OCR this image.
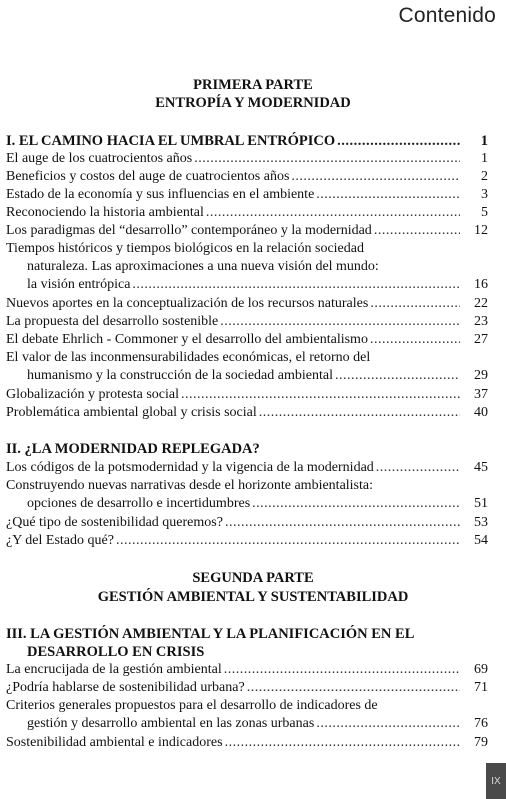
Contenido
PRIMERA PARTE
ENTROPÍA Y MODERNIDAD
I. EL CAMINO HACIA EL UMBRAL ENTRÓPICO .....	1
El auge de los cuatrocientos años .....	1
Beneficios y costos del auge de cuatrocientos años .....	2
Estado de la economía y sus influencias en el ambiente .....	3
Reconociendo la historia ambiental .....	5
Los paradigmas del “desarrollo” contemporáneo y la modernidad .....	12
Tiempos históricos y tiempos biológicos en la relación sociedad
naturaleza. Las aproximaciones a una nueva visión del mundo:
la visión entrópica .....	16
Nuevos aportes en la conceptualización de los recursos naturales .....	22
La propuesta del desarrollo sostenible .....	23
El debate Ehrlich - Commoner y el desarrollo del ambientalismo .....	27
El valor de las inconmensurabilidades económicas, el retorno del
humanismo y la construcción de la sociedad ambiental .....	29
Globalización y protesta social .....	37
Problemática ambiental global y crisis social .....	40
II. ¿LA MODERNIDAD REPLEGADA?
Los códigos de la potsmodernidad y la vigencia de la modernidad .....	45
Construyendo nuevas narrativas desde el horizonte ambientalista:
opciones de desarrollo e incertidumbres .....	51
¿Qué tipo de sostenibilidad queremos? .....	53
¿Y del Estado qué? .....	54
SEGUNDA PARTE
GESTIÓN AMBIENTAL Y SUSTENTABILIDAD
III. LA GESTIÓN AMBIENTAL Y LA PLANIFICACIÓN EN EL
DESARROLLO EN CRISIS
La encrucijada de la gestión ambiental .....	69
¿Podría hablarse de sostenibilidad urbana? .....	71
Criterios generales propuestos para el desarrollo de indicadores de
gestión y desarrollo ambiental en las zonas urbanas .....	76
Sostenibilidad ambiental e indicadores .....	79
IX
